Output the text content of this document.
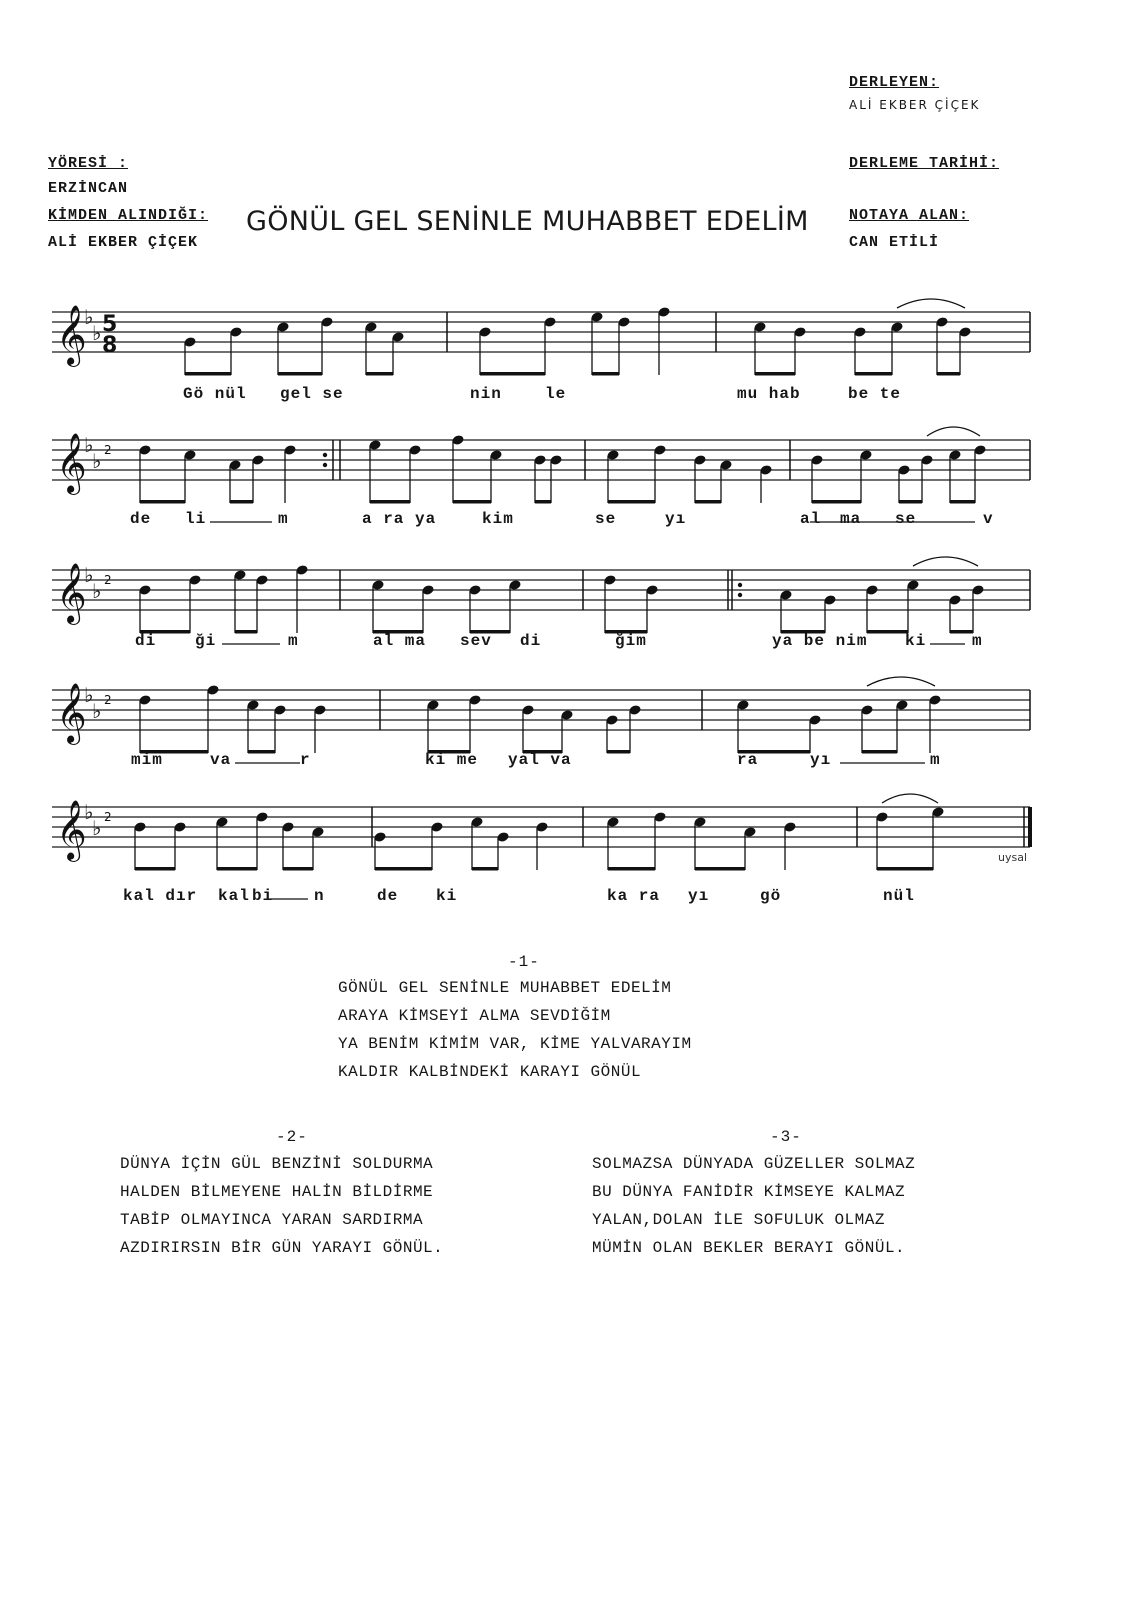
DERLEYEN:
ALİ EKBER ÇİÇEK
YÖRESİ :
ERZİNCAN
KİMDEN ALINDIĞI:
ALİ EKBER ÇİÇEK
GÖNÜL GEL SENİNLE MUHABBET EDELİM
DERLEME TARİHİ:
NOTAYA ALAN:
CAN ETİLİ
𝄞
♭
♭ 5
8
𝄞
♭
♭ 2
𝄞
♭
♭ 2
𝄞
♭
♭ 2
𝄞
♭
♭ 2
Gö nül gel se	nin	le	mu hab	be te
de li	m	a ra ya	kim	se	yı	al ma se	v
di ği	m	al ma sev di	ğim	ya be nim ki	m
mim	va	r	ki me yal va	ra	yı	m
kal dır kal bi	n	de ki	ka ra yı	gö	nül
uysal
-1-
GÖNÜL GEL SENİNLE MUHABBET EDELİM
ARAYA KİMSEYİ ALMA SEVDİĞİM
YA BENİM KİMİM VAR, KİME YALVARAYIM
KALDIR KALBİNDEKİ KARAYI GÖNÜL
-2-
DÜNYA İÇİN GÜL BENZİNİ SOLDURMA
HALDEN BİLMEYENE HALİN BİLDİRME
TABİP OLMAYINCA YARAN SARDIRMA
AZDIRIRSIN BİR GÜN YARAYI GÖNÜL.
-3-
SOLMAZSA DÜNYADA GÜZELLER SOLMAZ
BU DÜNYA FANİDİR KİMSEYE KALMAZ
YALAN,DOLAN İLE SOFULUK OLMAZ
MÜMİN OLAN BEKLER BERAYI GÖNÜL.
